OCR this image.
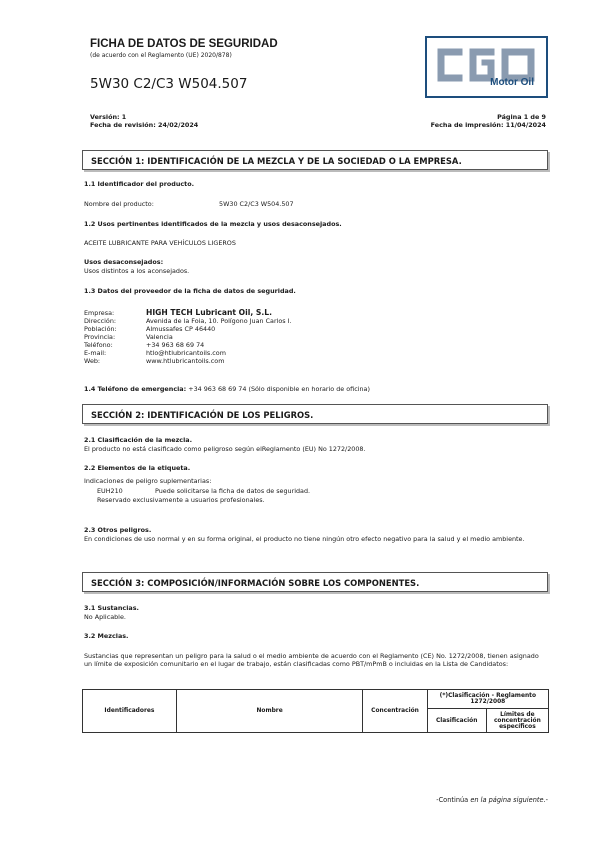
FICHA DE DATOS DE SEGURIDAD
(de acuerdo con el Reglamento (UE) 2020/878)
5W30 C2/C3 W504.507
Versión: 1
Fecha de revisión: 24/02/2024
Página 1 de 9
Fecha de impresión: 11/04/2024
Motor Oil
SECCIÓN 1: IDENTIFICACIÓN DE LA MEZCLA Y DE LA SOCIEDAD O LA EMPRESA.
1.1 Identificador del producto.
Nombre del producto:	5W30 C2/C3 W504.507
1.2 Usos pertinentes identificados de la mezcla y usos desaconsejados.
ACEITE LUBRICANTE PARA VEHÍCULOS LIGEROS
Usos desaconsejados:
Usos distintos a los aconsejados.
1.3 Datos del proveedor de la ficha de datos de seguridad.
Empresa:	HIGH TECH Lubricant Oil, S.L.
Dirección:	Avenida de la Foia, 10. Polígono Juan Carlos I.
Población:	Almussafes CP 46440
Provincia:	Valencia
Teléfono:	+34 963 68 69 74
E-mail:	htlo@htlubricantoils.com
Web:	www.htlubricantoils.com
1.4 Teléfono de emergencia: +34 963 68 69 74 (Sólo disponible en horario de oficina)
SECCIÓN 2: IDENTIFICACIÓN DE LOS PELIGROS.
2.1 Clasificación de la mezcla.
El producto no está clasificado como peligroso según elReglamento (EU) No 1272/2008.
2.2 Elementos de la etiqueta.
Indicaciones de peligro suplementarias:
EUH210	Puede solicitarse la ficha de datos de seguridad.
Reservado exclusivamente a usuarios profesionales.
2.3 Otros peligros.
En condiciones de uso normal y en su forma original, el producto no tiene ningún otro efecto negativo para la salud y el medio ambiente.
SECCIÓN 3: COMPOSICIÓN/INFORMACIÓN SOBRE LOS COMPONENTES.
3.1 Sustancias.
No Aplicable.
3.2 Mezclas.
Sustancias que representan un peligro para la salud o el medio ambiente de acuerdo con el Reglamento (CE) No. 1272/2008, tienen asignado un límite de exposición comunitario en el lugar de trabajo, están clasificadas como PBT/mPmB o incluidas en la Lista de Candidatos:
Identificadores	Nombre	Concentración	(*)Clasificación - Reglamento 1272/2008	
			Clasificación	Límites de concentración específicos
-Continúa en la página siguiente.-
